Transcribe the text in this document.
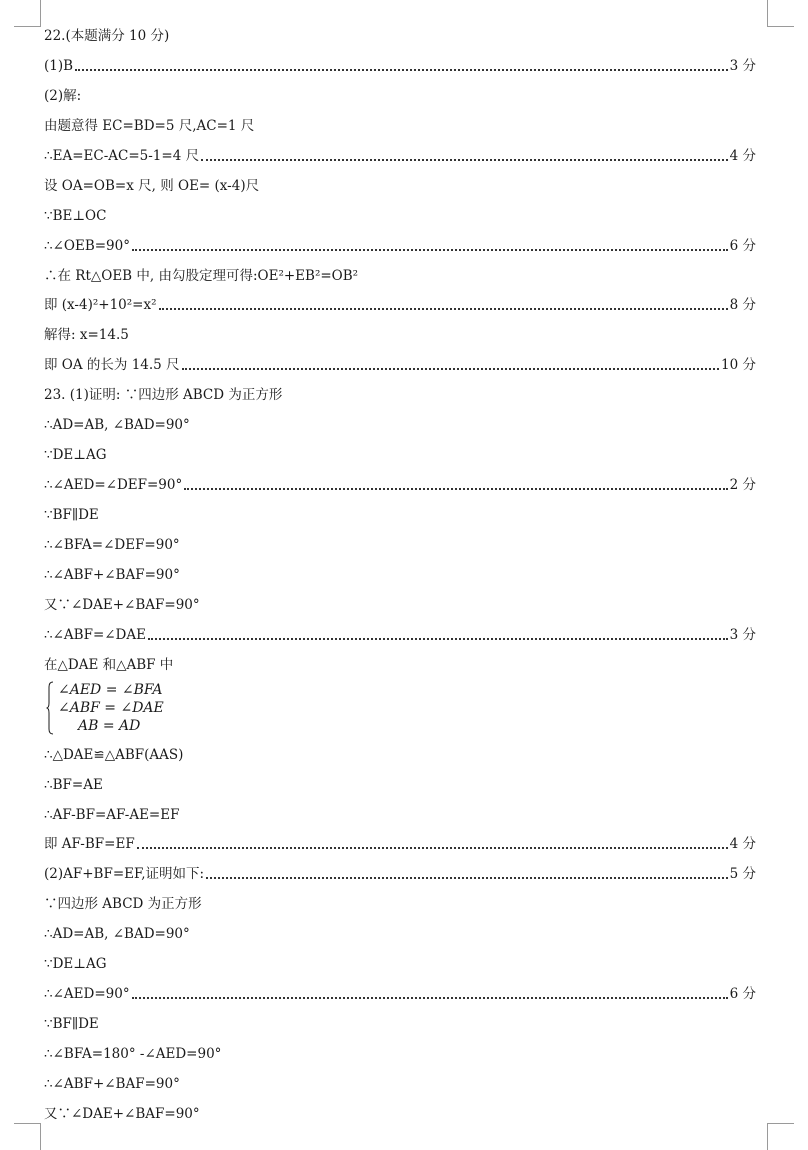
22.(本题满分 10 分)
(1)B	3 分
(2)解:
由题意得 EC=BD=5 尺,AC=1 尺
∴EA=EC-AC=5-1=4 尺	4 分
设 OA=OB=x 尺, 则 OE= (x-4)尺
∵BE⊥OC
∴∠OEB=90°	6 分
∴在 Rt△OEB 中, 由勾股定理可得:OE²+EB²=OB²
即 (x-4)²+10²=x²	8 分
解得: x=14.5
即 OA 的长为 14.5 尺	10 分
23. (1)证明: ∵四边形 ABCD 为正方形
∴AD=AB, ∠BAD=90°
∵DE⊥AG
∴∠AED=∠DEF=90°	2 分
∵BF∥DE
∴∠BFA=∠DEF=90°
∴∠ABF+∠BAF=90°
又∵∠DAE+∠BAF=90°
∴∠ABF=∠DAE	3 分
在△DAE 和△ABF 中
∠AED = ∠BFA
∠ABF = ∠DAE
AB = AD
∴△DAE≌△ABF(AAS)
∴BF=AE
∴AF-BF=AF-AE=EF
即 AF-BF=EF	4 分
(2)AF+BF=EF,证明如下:	5 分
∵四边形 ABCD 为正方形
∴AD=AB, ∠BAD=90°
∵DE⊥AG
∴∠AED=90°	6 分
∵BF∥DE
∴∠BFA=180° -∠AED=90°
∴∠ABF+∠BAF=90°
又∵∠DAE+∠BAF=90°
